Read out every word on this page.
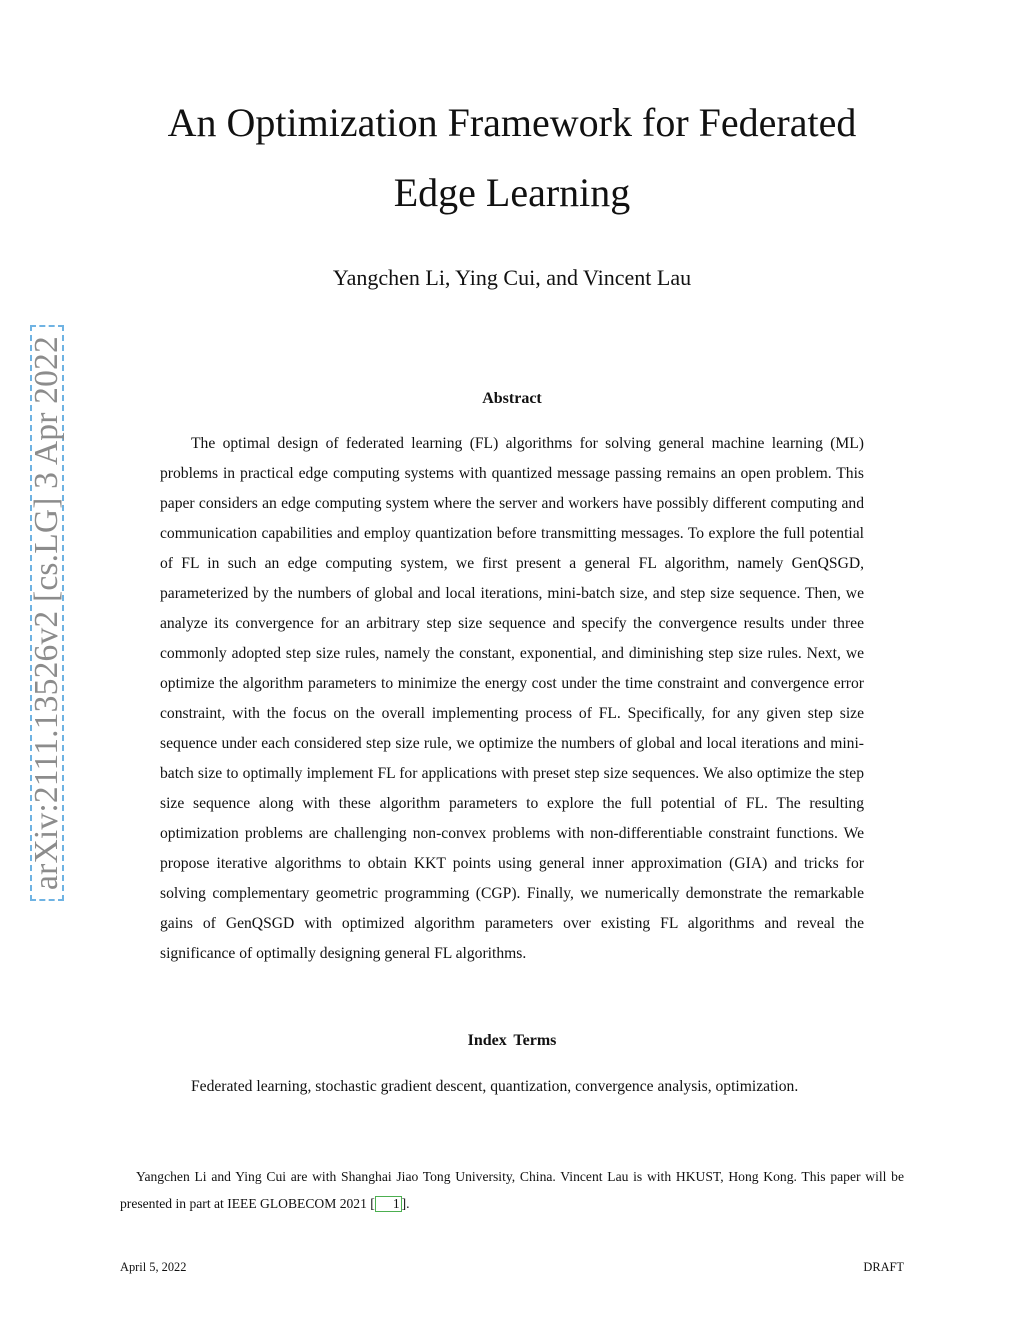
arXiv:2111.13526v2 [cs.LG] 3 Apr 2022
An Optimization Framework for Federated
Edge Learning
Yangchen Li, Ying Cui, and Vincent Lau
Abstract

The optimal design of federated learning (FL) algorithms for solving general machine learning (ML) problems in practical edge computing systems with quantized message passing remains an open problem. This paper considers an edge computing system where the server and workers have possibly different computing and communication capabilities and employ quantization before transmitting messages. To explore the full potential of FL in such an edge computing system, we first present a general FL algorithm, namely GenQSGD, parameterized by the numbers of global and local iterations, mini-batch size, and step size sequence. Then, we analyze its convergence for an arbitrary step size sequence and specify the convergence results under three commonly adopted step size rules, namely the constant, exponential, and diminishing step size rules. Next, we optimize the algorithm parameters to minimize the energy cost under the time constraint and convergence error constraint, with the focus on the overall implementing process of FL. Specifically, for any given step size sequence under each considered step size rule, we optimize the numbers of global and local iterations and mini-batch size to optimally implement FL for applications with preset step size sequences. We also optimize the step size sequence along with these algorithm parameters to explore the full potential of FL. The resulting optimization problems are challenging non-convex problems with non-differentiable constraint functions. We propose iterative algorithms to obtain KKT points using general inner approximation (GIA) and tricks for solving complementary geometric programming (CGP). Finally, we numerically demonstrate the remarkable gains of GenQSGD with optimized algorithm parameters over existing FL algorithms and reveal the significance of optimally designing general FL algorithms.

Index Terms

Federated learning, stochastic gradient descent, quantization, convergence analysis, optimization.

Yangchen Li and Ying Cui are with Shanghai Jiao Tong University, China. Vincent Lau is with HKUST, Hong Kong. This paper will be presented in part at IEEE GLOBECOM 2021 [ 1 ].

April 5, 2022	DRAFT
